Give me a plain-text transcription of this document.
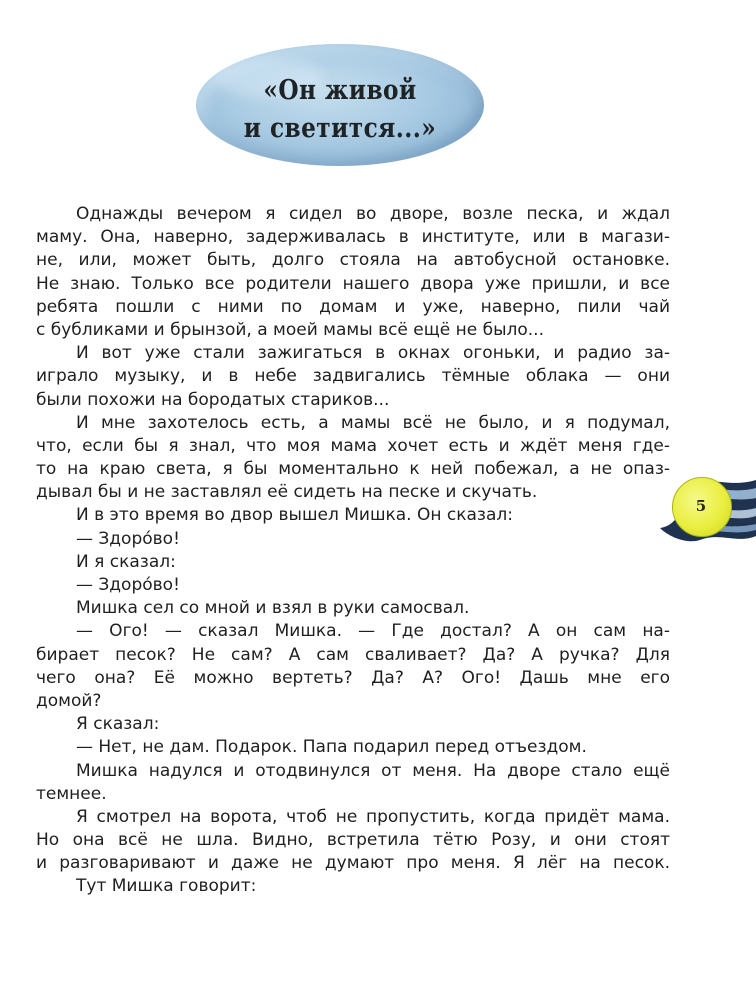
«Он живой
и светится...»
Однажды вечером я сидел во дворе, возле песка, и ждал
маму. Она, наверно, задерживалась в институте, или в магази-
не, или, может быть, долго стояла на автобусной остановке.
Не знаю. Только все родители нашего двора уже пришли, и все
ребята пошли с ними по домам и уже, наверно, пили чай
с бубликами и брынзой, а моей мамы всё ещё не было...
И вот уже стали зажигаться в окнах огоньки, и радио за-
играло музыку, и в небе задвигались тёмные облака — они
были похожи на бородатых стариков...
И мне захотелось есть, а мамы всё не было, и я подумал,
что, если бы я знал, что моя мама хочет есть и ждёт меня где-
то на краю света, я бы моментально к ней побежал, а не опаз-
дывал бы и не заставлял её сидеть на песке и скучать.
И в это время во двор вышел Мишка. Он сказал:
— Здоро́во!
И я сказал:
— Здоро́во!
Мишка сел со мной и взял в руки самосвал.
— Ого! — сказал Мишка. — Где достал? А он сам на-
бирает песок? Не сам? А сам сваливает? Да? А ручка? Для
чего она? Её можно вертеть? Да? А? Ого! Дашь мне его
домой?
Я сказал:
— Нет, не дам. Подарок. Папа подарил перед отъездом.
Мишка надулся и отодвинулся от меня. На дворе стало ещё
темнее.
Я смотрел на ворота, чтоб не пропустить, когда придёт мама.
Но она всё не шла. Видно, встретила тётю Розу, и они стоят
и разговаривают и даже не думают про меня. Я лёг на песок.
Тут Мишка говорит:
5
